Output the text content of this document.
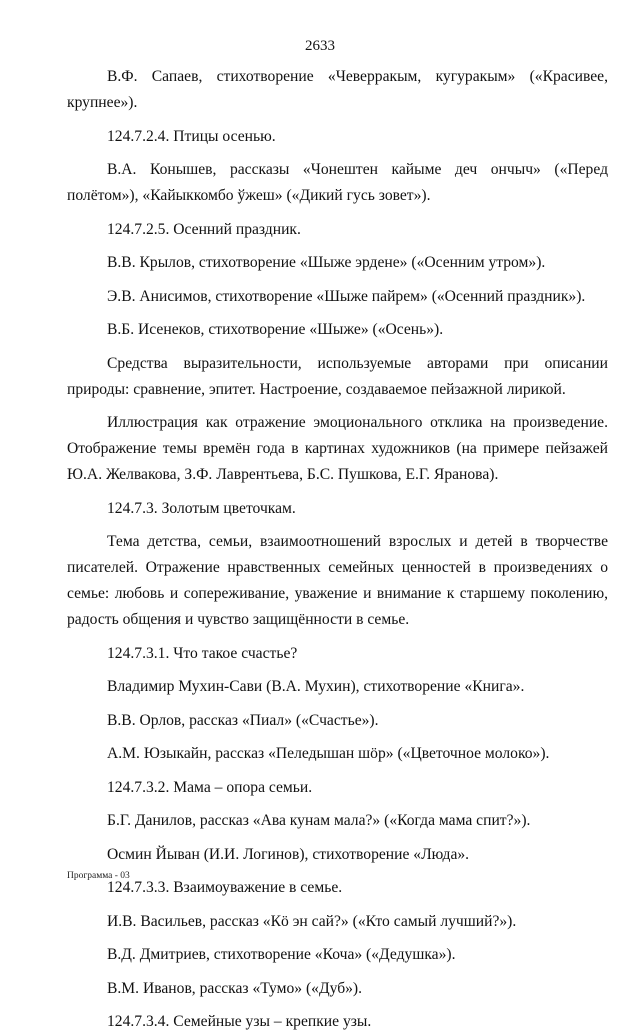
2633

В.Ф. Сапаев, стихотворение «Чеверракым, кугуракым» («Красивее, крупнее»).

124.7.2.4. Птицы осенью.

В.А. Конышев, рассказы «Чонештен кайыме деч ончыч» («Перед полётом»), «Кайыккомбо ўжеш» («Дикий гусь зовет»).

124.7.2.5. Осенний праздник.

В.В. Крылов, стихотворение «Шыже эрдене» («Осенним утром»).

Э.В. Анисимов, стихотворение «Шыже пайрем» («Осенний праздник»).

В.Б. Исенеков, стихотворение «Шыже» («Осень»).

Средства выразительности, используемые авторами при описании природы: сравнение, эпитет. Настроение, создаваемое пейзажной лирикой.

Иллюстрация как отражение эмоционального отклика на произведение. Отображение темы времён года в картинах художников (на примере пейзажей Ю.А. Желвакова, З.Ф. Лаврентьева, Б.С. Пушкова, Е.Г. Яранова).

124.7.3. Золотым цветочкам.

Тема детства, семьи, взаимоотношений взрослых и детей в творчестве писателей. Отражение нравственных семейных ценностей в произведениях о семье: любовь и сопереживание, уважение и внимание к старшему поколению, радость общения и чувство защищённости в семье.

124.7.3.1. Что такое счастье?

Владимир Мухин-Сави (В.А. Мухин), стихотворение «Книга».

В.В. Орлов, рассказ «Пиал» («Счастье»).

А.М. Юзыкайн, рассказ «Пеледышан шӧр» («Цветочное молоко»).

124.7.3.2. Мама – опора семьи.

Б.Г. Данилов, рассказ «Ава кунам мала?» («Когда мама спит?»).

Осмин Йыван (И.И. Логинов), стихотворение «Люда».

124.7.3.3. Взаимоуважение в семье.

И.В. Васильев, рассказ «Кӧ эн сай?» («Кто самый лучший?»).

В.Д. Дмитриев, стихотворение «Коча» («Дедушка»).

В.М. Иванов, рассказ «Тумо» («Дуб»).

124.7.3.4. Семейные узы – крепкие узы.

Программа - 03
